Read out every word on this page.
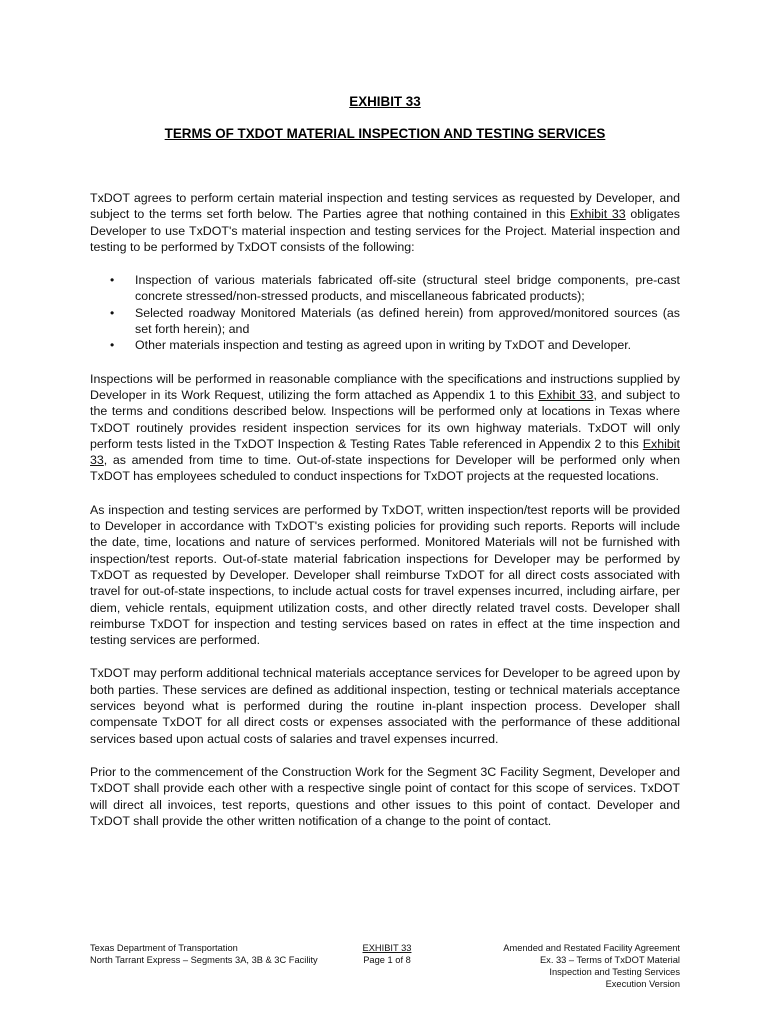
EXHIBIT 33
TERMS OF TXDOT MATERIAL INSPECTION AND TESTING SERVICES

TxDOT agrees to perform certain material inspection and testing services as requested by Developer, and subject to the terms set forth below. The Parties agree that nothing contained in this Exhibit 33 obligates Developer to use TxDOT's material inspection and testing services for the Project. Material inspection and testing to be performed by TxDOT consists of the following:

• Inspection of various materials fabricated off-site (structural steel bridge components, pre-cast concrete stressed/non-stressed products, and miscellaneous fabricated products);
• Selected roadway Monitored Materials (as defined herein) from approved/monitored sources (as set forth herein); and
• Other materials inspection and testing as agreed upon in writing by TxDOT and Developer.

Inspections will be performed in reasonable compliance with the specifications and instructions supplied by Developer in its Work Request, utilizing the form attached as Appendix 1 to this Exhibit 33, and subject to the terms and conditions described below. Inspections will be performed only at locations in Texas where TxDOT routinely provides resident inspection services for its own highway materials. TxDOT will only perform tests listed in the TxDOT Inspection & Testing Rates Table referenced in Appendix 2 to this Exhibit 33, as amended from time to time. Out-of-state inspections for Developer will be performed only when TxDOT has employees scheduled to conduct inspections for TxDOT projects at the requested locations.

As inspection and testing services are performed by TxDOT, written inspection/test reports will be provided to Developer in accordance with TxDOT's existing policies for providing such reports. Reports will include the date, time, locations and nature of services performed. Monitored Materials will not be furnished with inspection/test reports. Out-of-state material fabrication inspections for Developer may be performed by TxDOT as requested by Developer. Developer shall reimburse TxDOT for all direct costs associated with travel for out-of-state inspections, to include actual costs for travel expenses incurred, including airfare, per diem, vehicle rentals, equipment utilization costs, and other directly related travel costs. Developer shall reimburse TxDOT for inspection and testing services based on rates in effect at the time inspection and testing services are performed.

TxDOT may perform additional technical materials acceptance services for Developer to be agreed upon by both parties. These services are defined as additional inspection, testing or technical materials acceptance services beyond what is performed during the routine in-plant inspection process. Developer shall compensate TxDOT for all direct costs or expenses associated with the performance of these additional services based upon actual costs of salaries and travel expenses incurred.

Prior to the commencement of the Construction Work for the Segment 3C Facility Segment, Developer and TxDOT shall provide each other with a respective single point of contact for this scope of services. TxDOT will direct all invoices, test reports, questions and other issues to this point of contact. Developer and TxDOT shall provide the other written notification of a change to the point of contact.

Texas Department of Transportation
North Tarrant Express – Segments 3A, 3B & 3C Facility
EXHIBIT 33
Page 1 of 8
Amended and Restated Facility Agreement
Ex. 33 – Terms of TxDOT Material
Inspection and Testing Services
Execution Version
